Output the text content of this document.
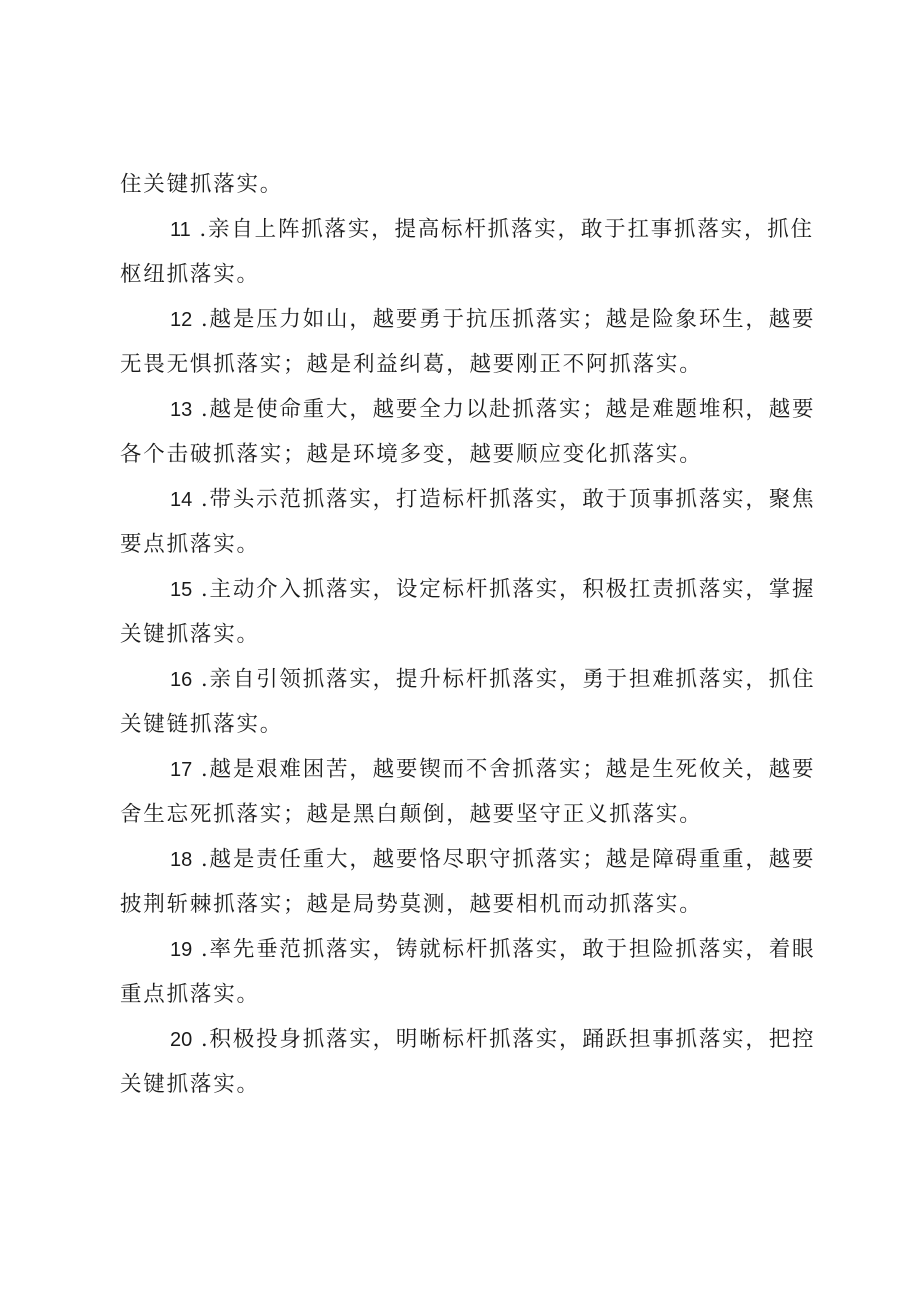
住关键抓落实。
11 .亲自上阵抓落实，提高标杆抓落实，敢于扛事抓落实，抓住
枢纽抓落实。
12 .越是压力如山，越要勇于抗压抓落实；越是险象环生，越要
无畏无惧抓落实；越是利益纠葛，越要刚正不阿抓落实。
13 .越是使命重大，越要全力以赴抓落实；越是难题堆积，越要
各个击破抓落实；越是环境多变，越要顺应变化抓落实。
14 .带头示范抓落实，打造标杆抓落实，敢于顶事抓落实，聚焦
要点抓落实。
15 .主动介入抓落实，设定标杆抓落实，积极扛责抓落实，掌握
关键抓落实。
16 .亲自引领抓落实，提升标杆抓落实，勇于担难抓落实，抓住
关键链抓落实。
17 .越是艰难困苦，越要锲而不舍抓落实；越是生死攸关，越要
舍生忘死抓落实；越是黑白颠倒，越要坚守正义抓落实。
18 .越是责任重大，越要恪尽职守抓落实；越是障碍重重，越要
披荆斩棘抓落实；越是局势莫测，越要相机而动抓落实。
19 .率先垂范抓落实，铸就标杆抓落实，敢于担险抓落实，着眼
重点抓落实。
20 .积极投身抓落实，明晰标杆抓落实，踊跃担事抓落实，把控
关键抓落实。
